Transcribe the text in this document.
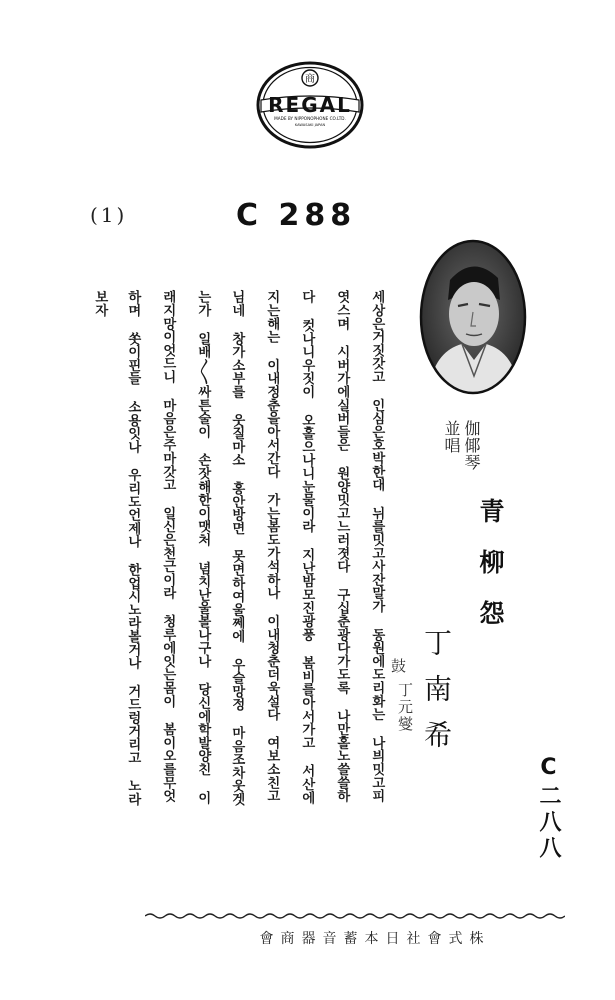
商
REGAL
MADE BY NIPPONOPHONE CO.LTD.
KAWASAKI JAPAN
(1)	C 288
伽倻琴
並唱
青柳怨
丁南希
鼓
丁元燮
C二八八
세상은거짓갓고 인심은호박한대 뉘를밋고사잔말가 동원에도리화는 나븨밋고피
엿스며 시버가에실버들은 원양밋고느러졋다 구십춘광다가도록 나만홀노쓸쓸하
다 컷나니우짓이 오홀으나니눈물이라 지난밤모진광풍 봄비를아서가고 서산에
지는해는 이내정춘을아서간다 가는봄도가석하나 이내청춘더욱설다 여보소친고
님네 창가소부를 웃질마소 홍안방면 못면하여울쩨에 우슬망정 마음조차웃겟
는가 일배〳〵싸튼술이 손잣해한이맷처 념치난울볼나구나 당신에학발양친 이
래지망이엇드니 마음은주마갓고 일신은천근이라 청루에잇는몸이 봄이오를무엇
하며 쏫이핀들 소용잇나 우리도언제나 한업시노라볼거나 거드렁거리고 노라
보자
株式會社日本蓄音器商會
